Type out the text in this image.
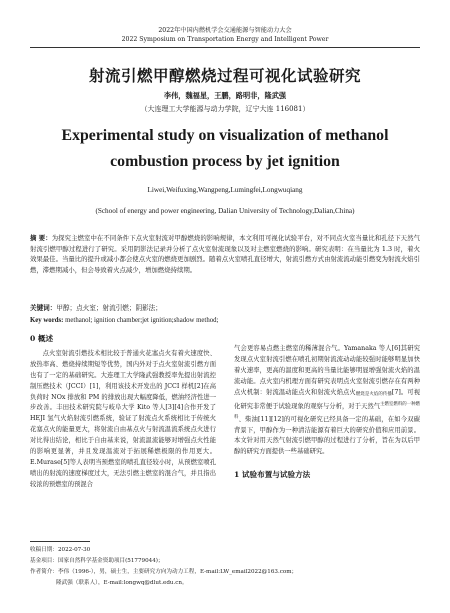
2022年中国内燃机学会交通能源与智能动力大会
2022 Symposium on Transportation Energy and Intelligent Power
射流引燃甲醇燃烧过程可视化试验研究
李伟，魏福星，王鹏，路明非，隆武强
（大连理工大学能源与动力学院，辽宁大连 116081）
Experimental study on visualization of methanol
combustion process by jet ignition
Liwei,Weifuxing,Wangpeng,Lumingfei,Longwuqiang
(School of energy and power engineering, Dalian University of Technology,Dalian,China)
摘 要：为探究主燃室中在不同条件下点火室射流对甲醇燃烧的影响规律，本文利用可视化试验平台，对不同点火室当量比和孔径下天然气射流引燃甲醇过程进行了研究。采用阴影法记录并分析了点火室射流现象以及对主燃室燃烧的影响。研究表明：在当量比为 1.3 时，着火效果最佳。当量比的提升或减小都会使点火室的燃烧更加剧烈。随着点火室喷孔直径增大，射流引燃方式由射流流动能引燃变为射流火焰引燃，滞燃期减小，但会导致着火点减少，增加燃烧持续期。
关键词：甲醇；点火室；射流引燃；阴影法；
Key words: methanol; ignition chamber;jet ignition;shadow method;
0 概述

点火室射流引燃技术相比较于普通火花塞点火有着火速度快、放热率高、燃烧持续期短等优势，国内外对于点火室射流引燃方面也有了一定的基础研究。大连理工大学隆武强教授率先提出射流控制压燃技术（JCCI）[1]，利用该技术开发出的 JCCI 样机[2]在高负荷时 NOx 排放和 PM 的排放出现大幅度降低，燃油经济性进一步改善。丰田技术研究院与岐阜大学 Kito 等人[3][4]合作开发了 HEJI 氢气火焰射流引燃系统，验证了射流点火系统相比于传统火花塞点火的能量更大，将射流自由基点火与射流温流系统点火进行对比得出结论，相比于自由基来说，射流温流能够对增强点火性能的影响更显著，并且发现温流对于拓展稀燃极限的作用更大。E.Murase[5]等人表明当预燃室的喷孔直径较小时，从预燃室喷孔喷出的射流的速度梯度过大，无法引燃主燃室的混合气，并且指出较浓的预燃室的预混合

气会更容易点燃主燃室的稀薄混合气。Yamanaka 等人[6]其研究发现点火室射流引燃在喷孔初期射流流动动能较强时能够明显加快着火速率，更高的温度和更高的当量比能够明显增强射流火焰的温流动能。点火室内机理方面有研究表明点火室射流引燃存在有两种点火机制：射流温动能点火和射流火焰点火燃烧是火焰的传播[7]。可视化研究非常便于试验现象的观察与分析，对于天然气$^{主燃室燃料的一种燃料}$、柴油[11][12]的可视化研究已经具备一定的基础，在如今双碳背景下，甲醇作为一种清洁能源有着巨大的研究价值和应用前景。本文针对用天然气射流引燃甲醇的过程进行了分析，旨在为以后甲醇的研究方面提供一些基础研究。

1 试验布置与试验方法
收稿日期：2022-07-30
基金项目：国家自然科学基金资助项目(51779044)；
作者简介：李伟（1996-），男，硕士生，主要研究方向为动力工程，E-mail:LW_email2022@163.com；
隆武强（联系人），E-mail:longwq@dlut.edu.cn。
